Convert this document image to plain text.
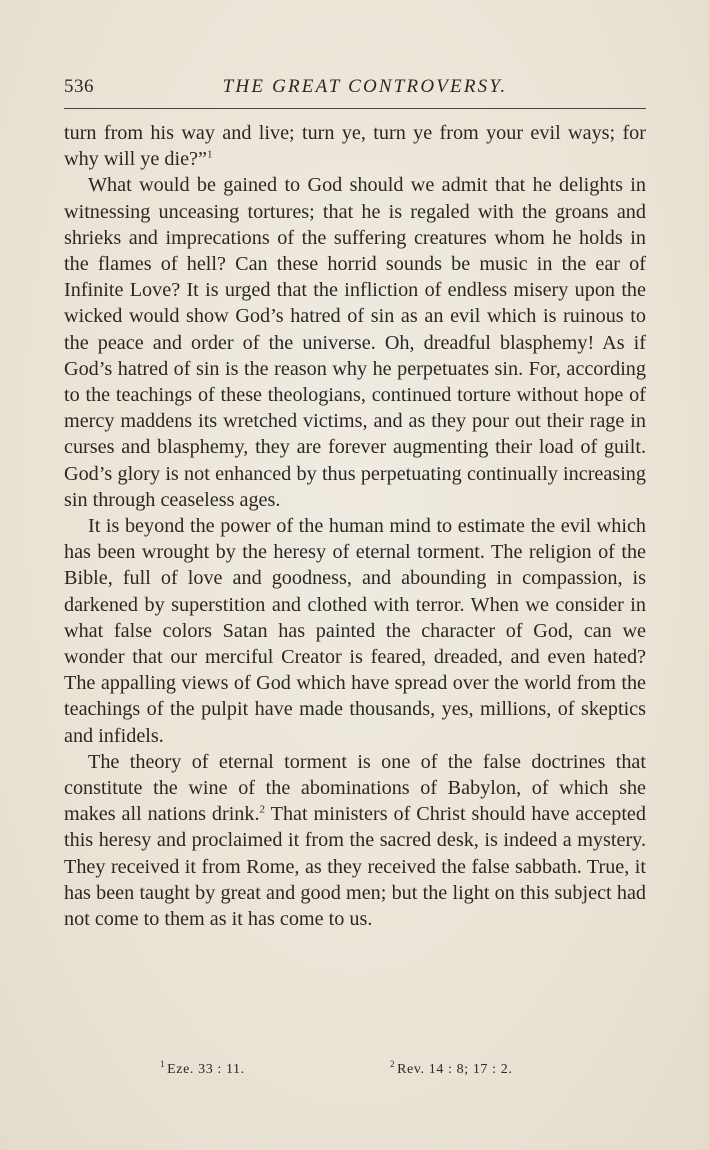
536	THE GREAT CONTROVERSY.

turn from his way and live; turn ye, turn ye from your evil ways; for why will ye die?”$^1$

What would be gained to God should we admit that he delights in witnessing unceasing tortures; that he is regaled with the groans and shrieks and imprecations of the suffering creatures whom he holds in the flames of hell? Can these horrid sounds be music in the ear of Infinite Love? It is urged that the infliction of endless misery upon the wicked would show God’s hatred of sin as an evil which is ruinous to the peace and order of the universe. Oh, dreadful blasphemy! As if God’s hatred of sin is the reason why he perpetuates sin. For, according to the teachings of these theologians, continued torture without hope of mercy maddens its wretched victims, and as they pour out their rage in curses and blasphemy, they are forever augmenting their load of guilt. God’s glory is not enhanced by thus perpetuating continually increasing sin through ceaseless ages.

It is beyond the power of the human mind to estimate the evil which has been wrought by the heresy of eternal torment. The religion of the Bible, full of love and goodness, and abounding in compassion, is darkened by superstition and clothed with terror. When we consider in what false colors Satan has painted the character of God, can we wonder that our merciful Creator is feared, dreaded, and even hated? The appalling views of God which have spread over the world from the teachings of the pulpit have made thousands, yes, millions, of skeptics and infidels.

The theory of eternal torment is one of the false doctrines that constitute the wine of the abominations of Babylon, of which she makes all nations drink.$^2$ That ministers of Christ should have accepted this heresy and proclaimed it from the sacred desk, is indeed a mystery. They received it from Rome, as they received the false sabbath. True, it has been taught by great and good men; but the light on this subject had not come to them as it has come to us.

$^1$ Eze. 33 : 11.	$^2$ Rev. 14 : 8; 17 : 2.
